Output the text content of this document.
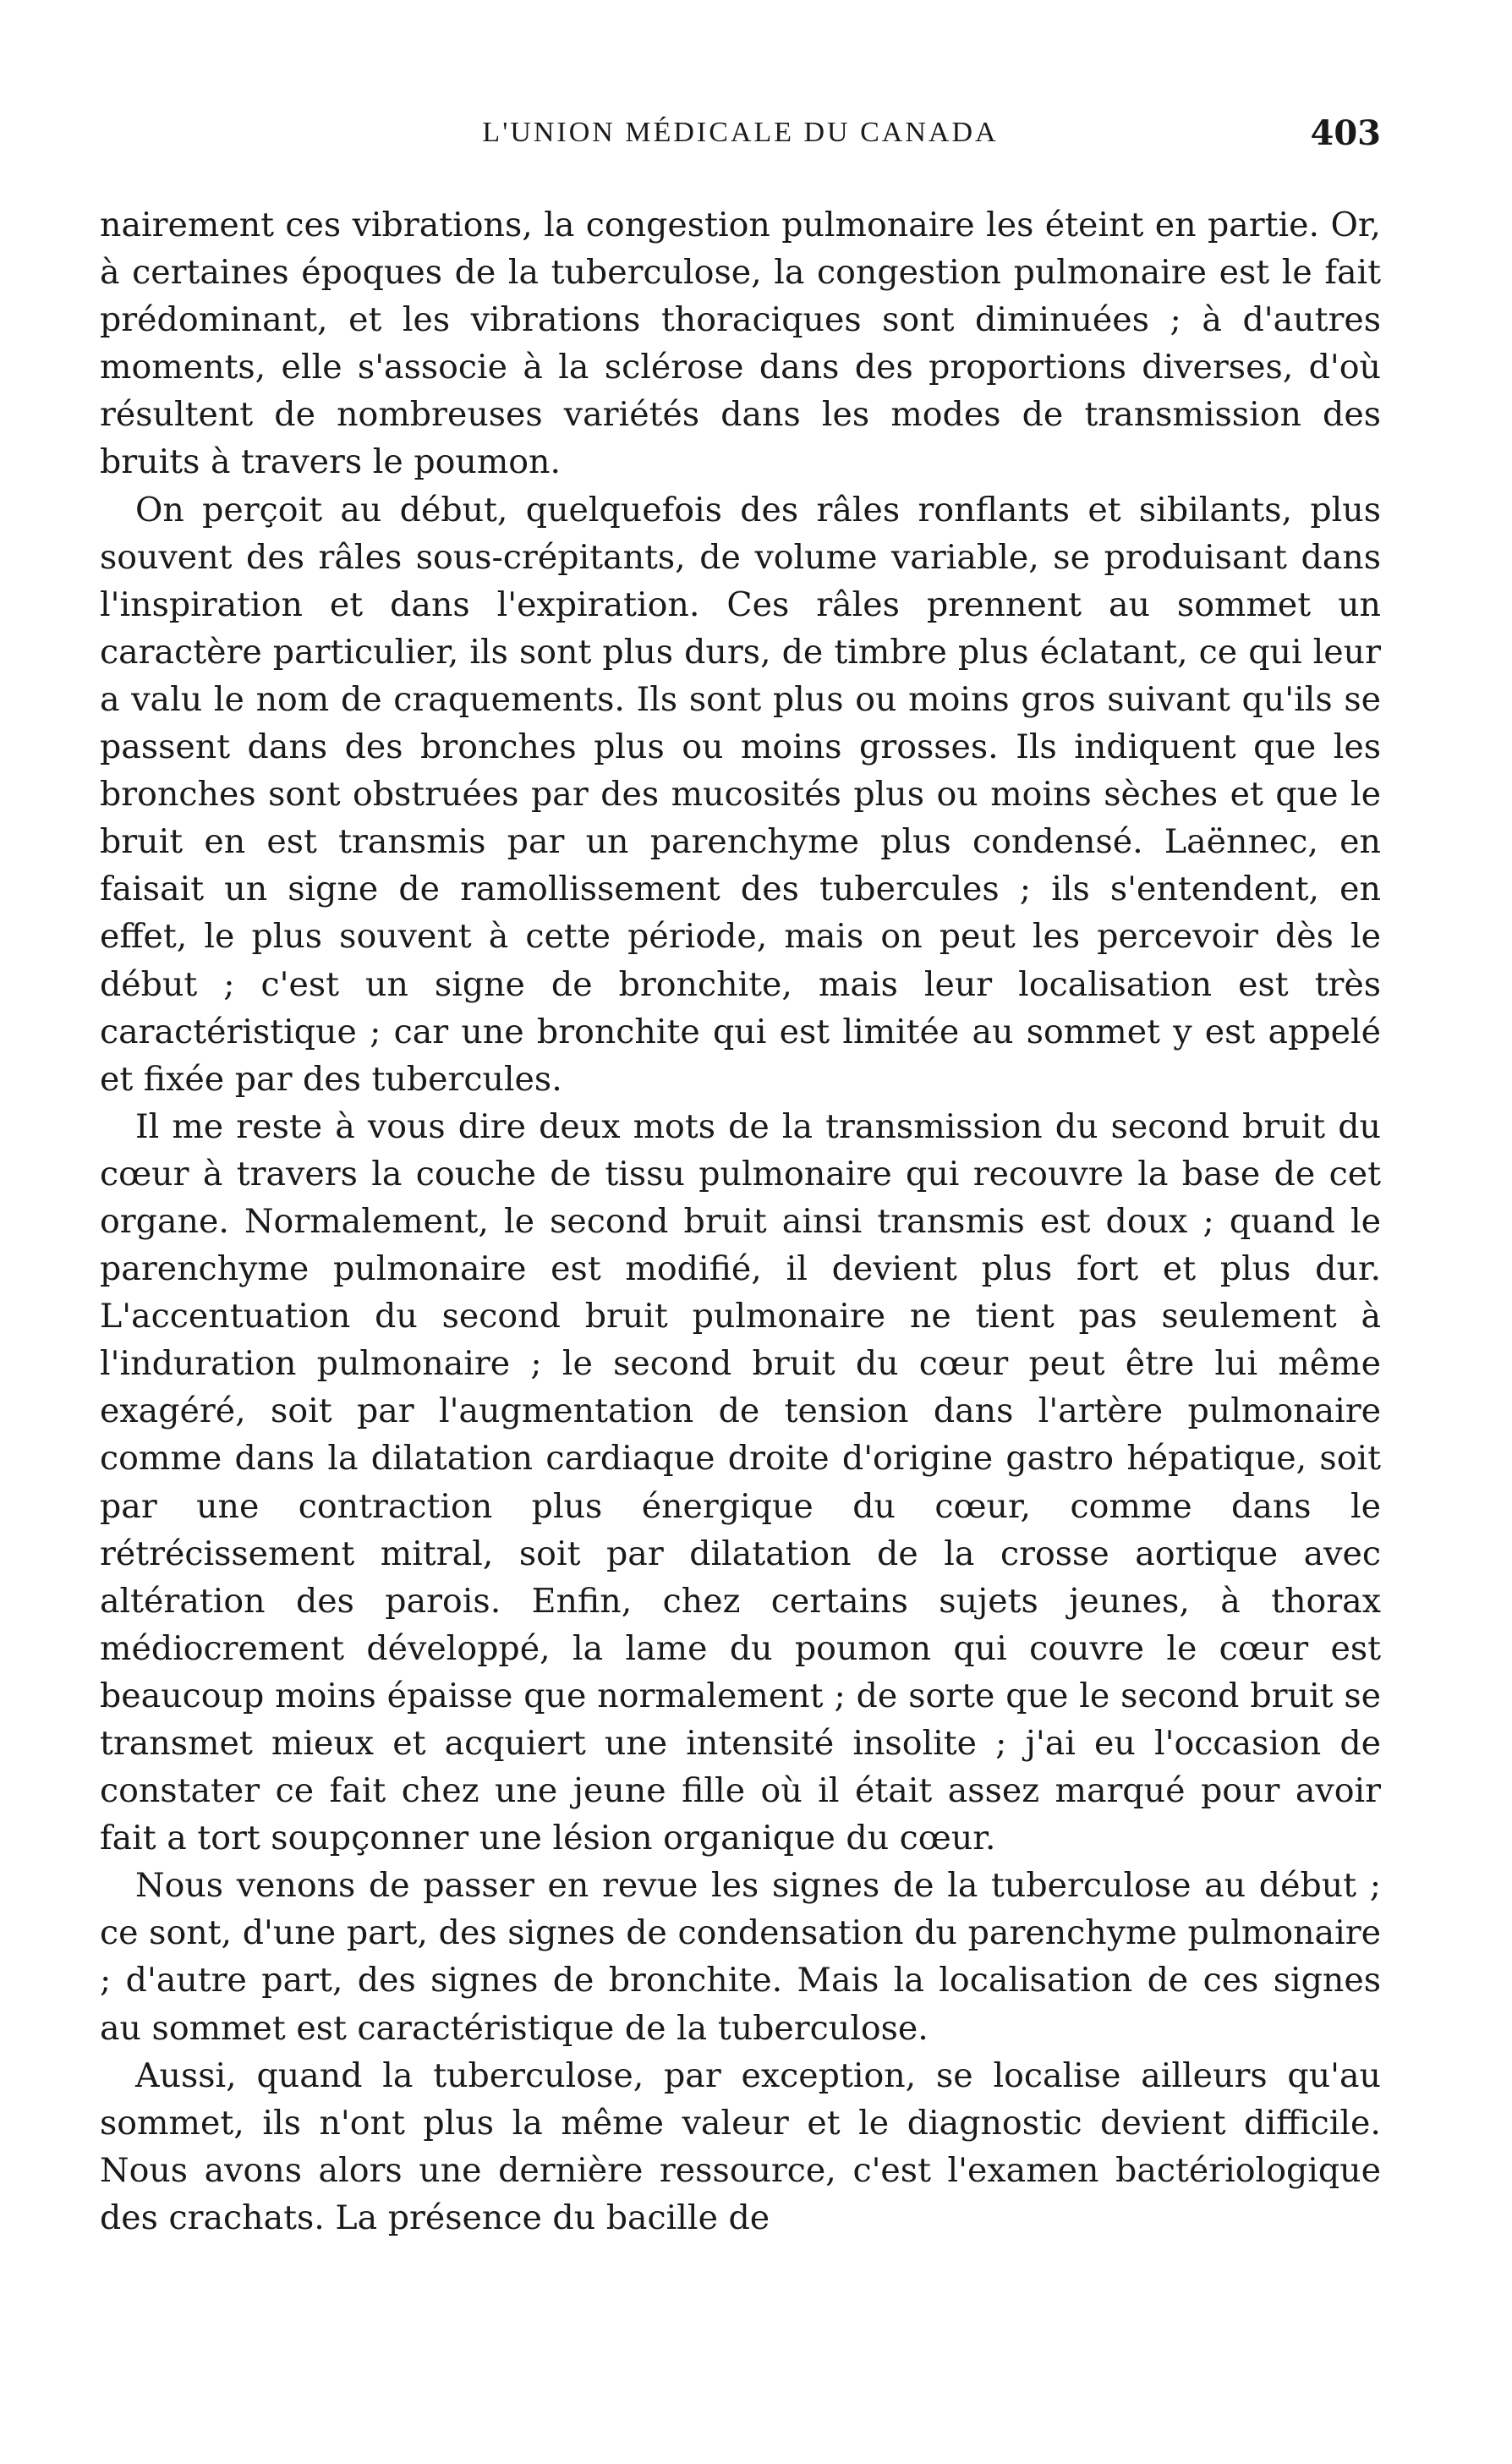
L'UNION MÉDICALE DU CANADA	403

nairement ces vibrations, la congestion pulmonaire les éteint en partie. Or, à certaines époques de la tuberculose, la congestion pulmonaire est le fait prédominant, et les vibrations thoraciques sont diminuées ; à d'autres moments, elle s'associe à la sclérose dans des proportions diverses, d'où résultent de nombreuses variétés dans les modes de transmission des bruits à travers le poumon.

On perçoit au début, quelquefois des râles ronflants et sibilants, plus souvent des râles sous-crépitants, de volume variable, se produisant dans l'inspiration et dans l'expiration. Ces râles prennent au sommet un caractère particulier, ils sont plus durs, de timbre plus éclatant, ce qui leur a valu le nom de craquements. Ils sont plus ou moins gros suivant qu'ils se passent dans des bronches plus ou moins grosses. Ils indiquent que les bronches sont obstruées par des mucosités plus ou moins sèches et que le bruit en est transmis par un parenchyme plus condensé. Laënnec, en faisait un signe de ramollissement des tubercules ; ils s'entendent, en effet, le plus souvent à cette période, mais on peut les percevoir dès le début ; c'est un signe de bronchite, mais leur localisation est très caractéristique ; car une bronchite qui est limitée au sommet y est appelé et fixée par des tubercules.

Il me reste à vous dire deux mots de la transmission du second bruit du cœur à travers la couche de tissu pulmonaire qui recouvre la base de cet organe. Normalement, le second bruit ainsi transmis est doux ; quand le parenchyme pulmonaire est modifié, il devient plus fort et plus dur. L'accentuation du second bruit pulmonaire ne tient pas seulement à l'induration pulmonaire ; le second bruit du cœur peut être lui même exagéré, soit par l'augmentation de tension dans l'artère pulmonaire comme dans la dilatation cardiaque droite d'origine gastro hépatique, soit par une contraction plus énergique du cœur, comme dans le rétrécissement mitral, soit par dilatation de la crosse aortique avec altération des parois. Enfin, chez certains sujets jeunes, à thorax médiocrement développé, la lame du poumon qui couvre le cœur est beaucoup moins épaisse que normalement ; de sorte que le second bruit se transmet mieux et acquiert une intensité insolite ; j'ai eu l'occasion de constater ce fait chez une jeune fille où il était assez marqué pour avoir fait a tort soupçonner une lésion organique du cœur.

Nous venons de passer en revue les signes de la tuberculose au début ; ce sont, d'une part, des signes de condensation du parenchyme pulmonaire ; d'autre part, des signes de bronchite. Mais la localisation de ces signes au sommet est caractéristique de la tuberculose.

Aussi, quand la tuberculose, par exception, se localise ailleurs qu'au sommet, ils n'ont plus la même valeur et le diagnostic devient difficile. Nous avons alors une dernière ressource, c'est l'examen bactériologique des crachats. La présence du bacille de
